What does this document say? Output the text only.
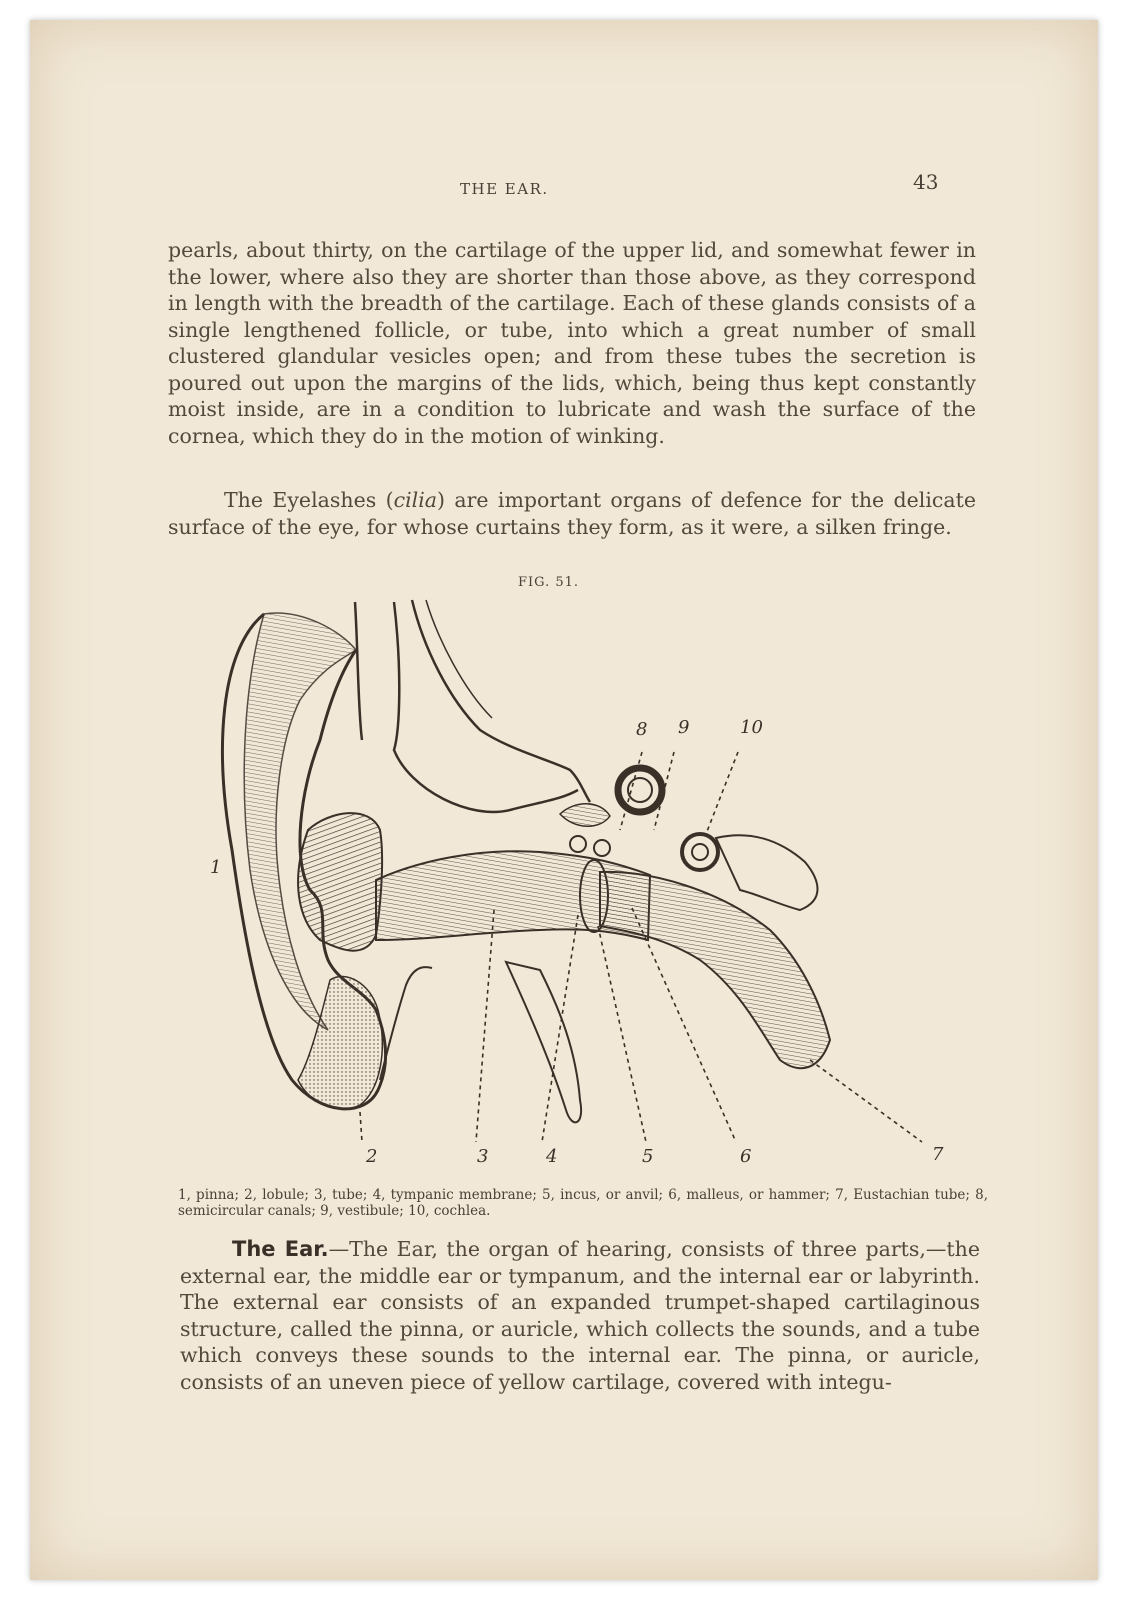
THE EAR.	43

pearls, about thirty, on the cartilage of the upper lid, and somewhat fewer in the lower, where also they are shorter than those above, as they correspond in length with the breadth of the cartilage. Each of these glands consists of a single lengthened follicle, or tube, into which a great number of small clustered glandular vesicles open; and from these tubes the secretion is poured out upon the margins of the lids, which, being thus kept constantly moist inside, are in a condition to lubricate and wash the surface of the cornea, which they do in the motion of winking.

The Eyelashes (cilia) are important organs of defence for the delicate surface of the eye, for whose curtains they form, as it were, a silken fringe.

FIG. 51.
1
2	3	4	5	6	7
8 9	10

1, pinna; 2, lobule; 3, tube; 4, tympanic membrane; 5, incus, or anvil; 6, malleus, or hammer; 7, Eustachian tube; 8, semicircular canals; 9, vestibule; 10, cochlea.

The Ear.—The Ear, the organ of hearing, consists of three parts,—the external ear, the middle ear or tympanum, and the internal ear or labyrinth. The external ear consists of an expanded trumpet-shaped cartilaginous structure, called the pinna, or auricle, which collects the sounds, and a tube which conveys these sounds to the internal ear. The pinna, or auricle, consists of an uneven piece of yellow cartilage, covered with integu-
